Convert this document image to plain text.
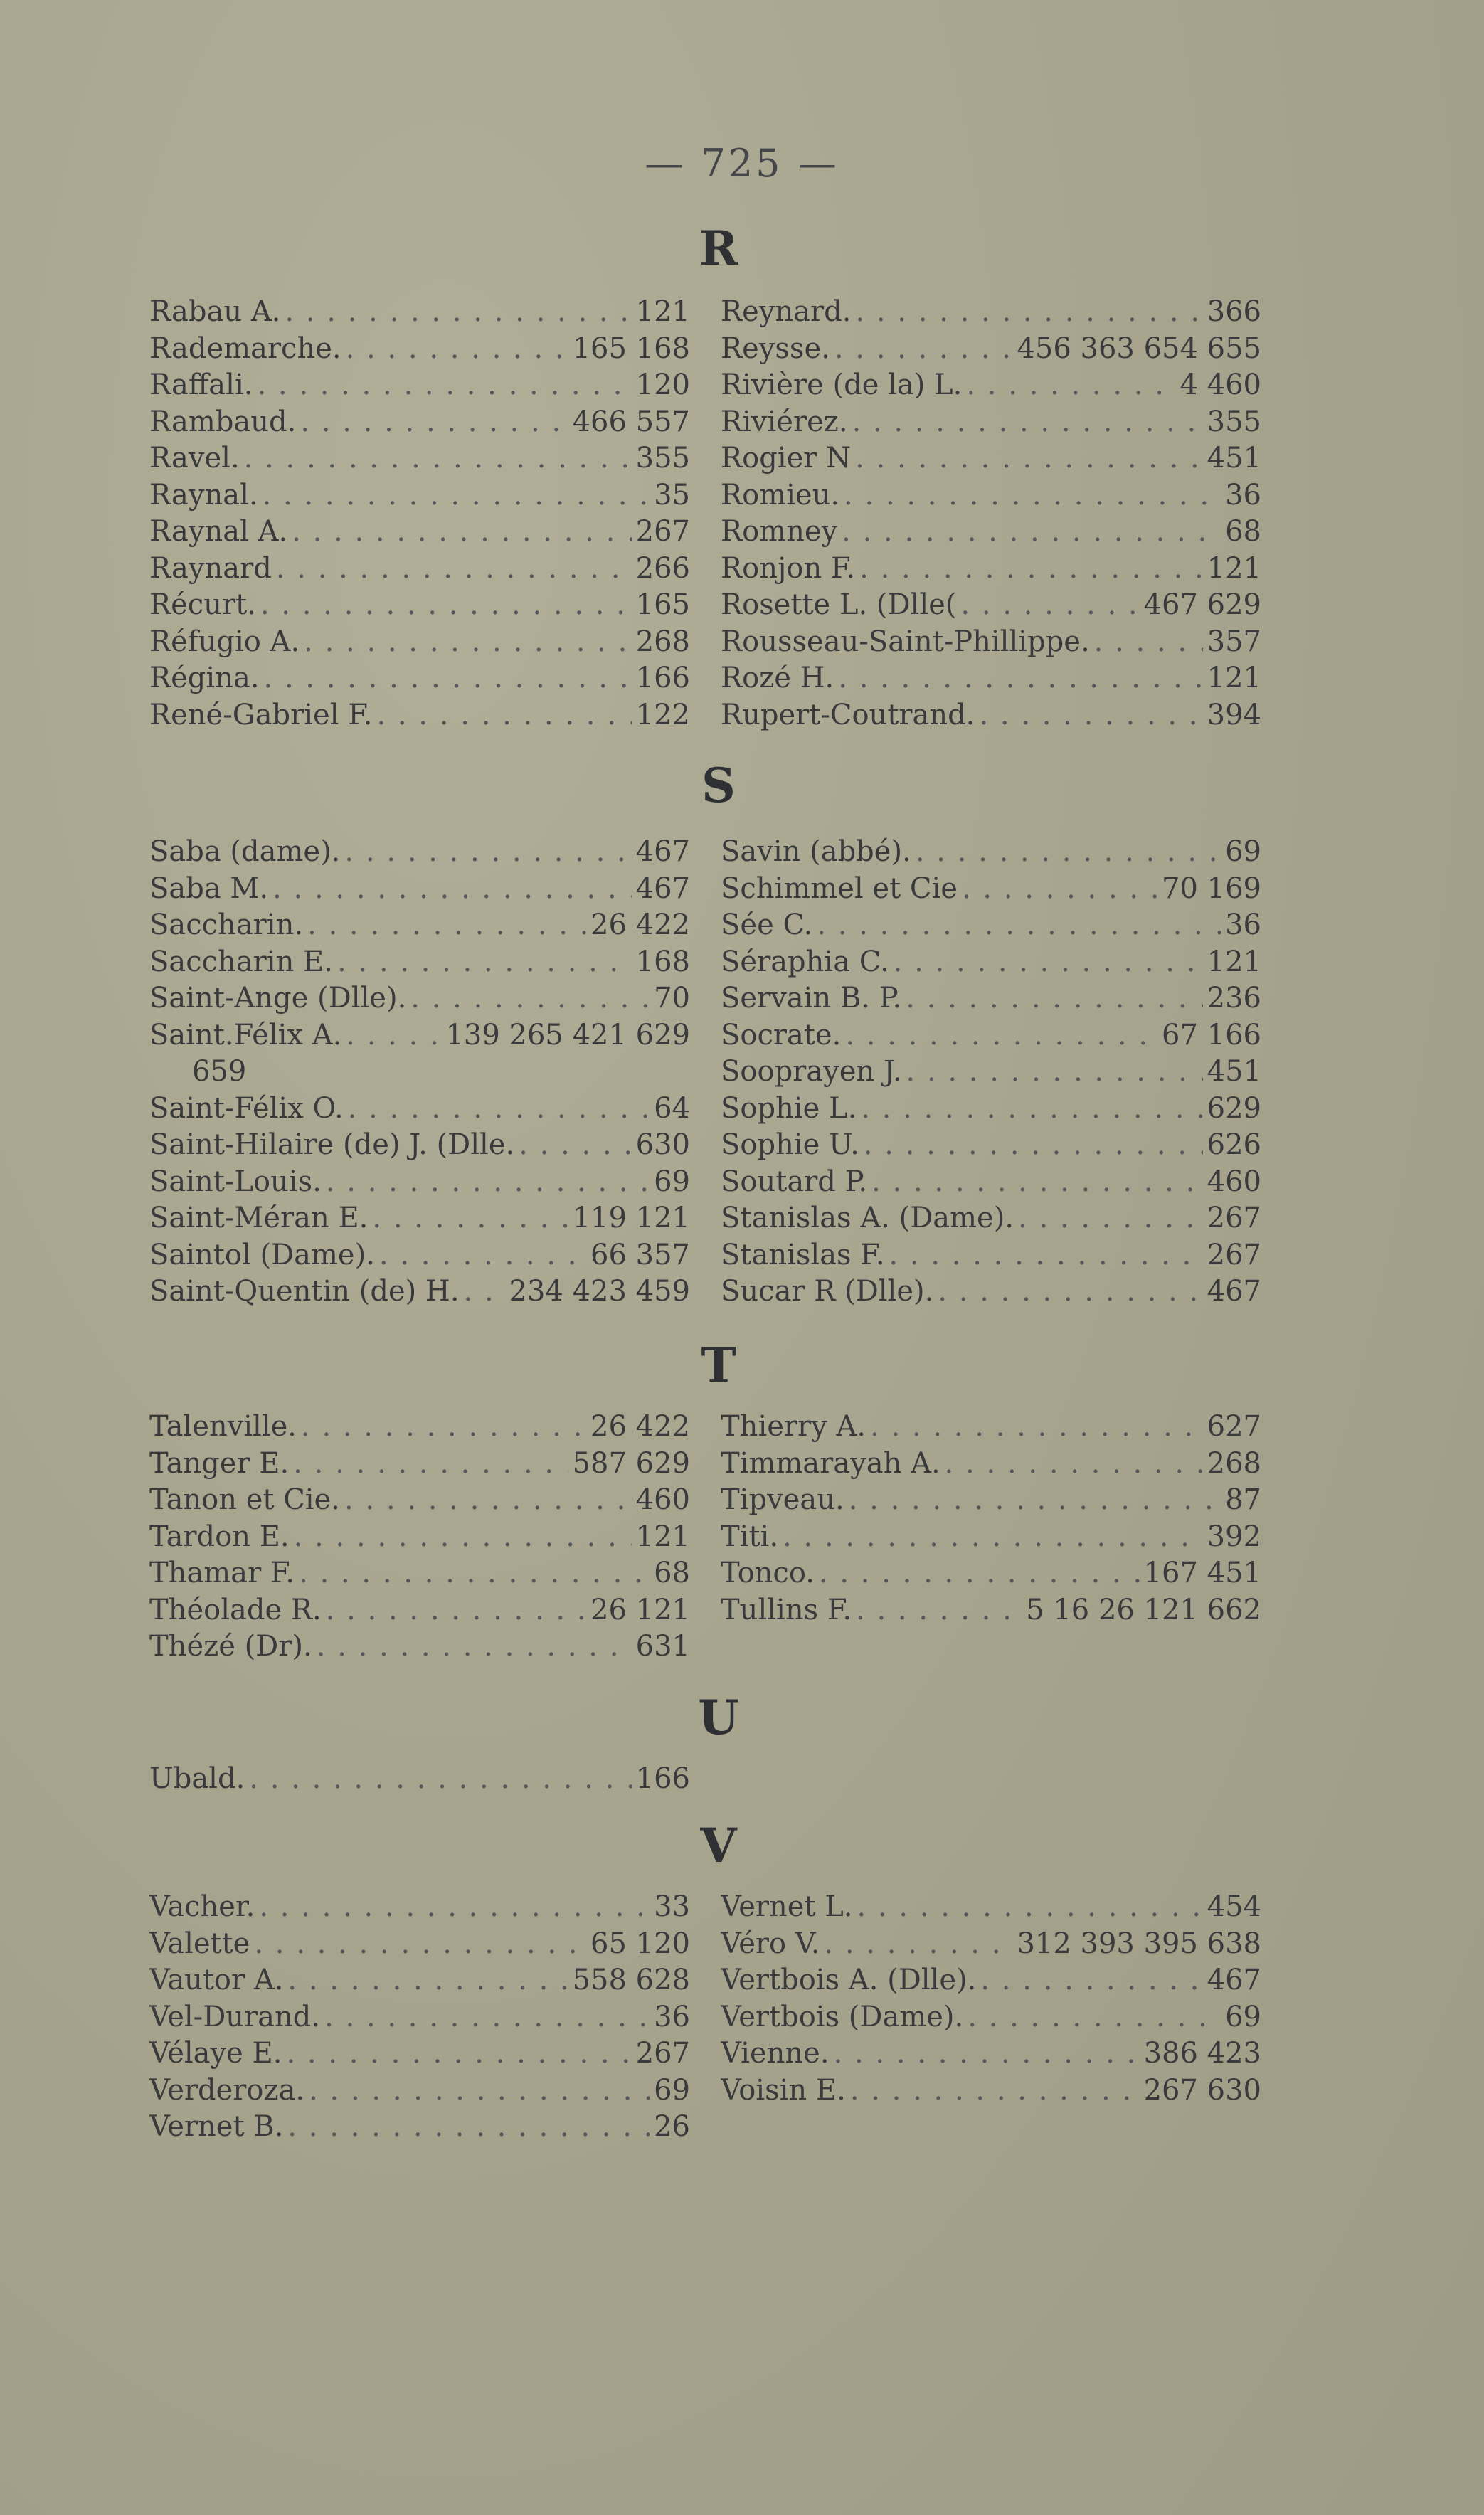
— 725 —
R
Rabau A. . . .	121
Rademarche. . . .	165 168
Raffali. . . .	120
Rambaud. . . .	466 557
Ravel. . . .	355
Raynal. . . .	35
Raynal A. . . .	267
Raynard . . .	266
Récurt. . . .	165
Réfugio A. . . .	268
Régina. . . .	166
René-Gabriel F. . . .	122
Reynard. . . .	366
Reysse. . . .	456 363 654 655
Rivière (de la) L. . . .	4 460
Riviérez. . . .	355
Rogier N . . .	451
Romieu. . . .	36
Romney . . .	68
Ronjon F. . . .	121
Rosette L. (Dlle( . . .	467 629
Rousseau-Saint-Phillippe. . . .	357
Rozé H. . . .	121
Rupert-Coutrand. . . .	394
S
Saba (dame). . . .	467
Saba M. . . .	467
Saccharin. . . .	26 422
Saccharin E. . . .	168
Saint-Ange (Dlle). . . .	70
Saint.Félix A. . . .	139 265 421 629
659
Saint-Félix O. . . .	64
Saint-Hilaire (de) J. (Dlle. . . .	630
Saint-Louis. . . .	69
Saint-Méran E. . . .	119 121
Saintol (Dame). . . .	66 357
Saint-Quentin (de) H. . . . 234 423 459
Savin (abbé). . . .	69
Schimmel et Cie . . .	70 169
Sée C. . . .	36
Séraphia C. . . .	121
Servain B. P. . . .	236
Socrate. . . .	67 166
Sooprayen J. . . .	451
Sophie L. . . .	629
Sophie U. . . .	626
Soutard P. . . .	460
Stanislas A. (Dame). . . .	267
Stanislas F. . . .	267
Sucar R (Dlle). . . .	467
T
Talenville. . . .	26 422
Tanger E. . . .	587 629
Tanon et Cie. . . .	460
Tardon E. . . .	121
Thamar F. . . .	68
Théolade R. . . .	26 121
Thézé (Dr). . . .	631
Thierry A. . . .	627
Timmarayah A. . . .	268
Tipveau. . . .	87
Titi. . . .	392
Tonco. . . .	167 451
Tullins F. . . .	5 16 26 121 662
U
Ubald. . . .	166
V
Vacher. . . .	33
Valette . . .	65 120
Vautor A. . . .	558 628
Vel-Durand. . . .	36
Vélaye E. . . .	267
Verderoza. . . .	69
Vernet B. . . .	26
Vernet L. . . .	454
Véro V. . . .	312 393 395 638
Vertbois A. (Dlle). . . .	467
Vertbois (Dame). . . .	69
Vienne. . . .	386 423
Voisin E. . . .	267 630
